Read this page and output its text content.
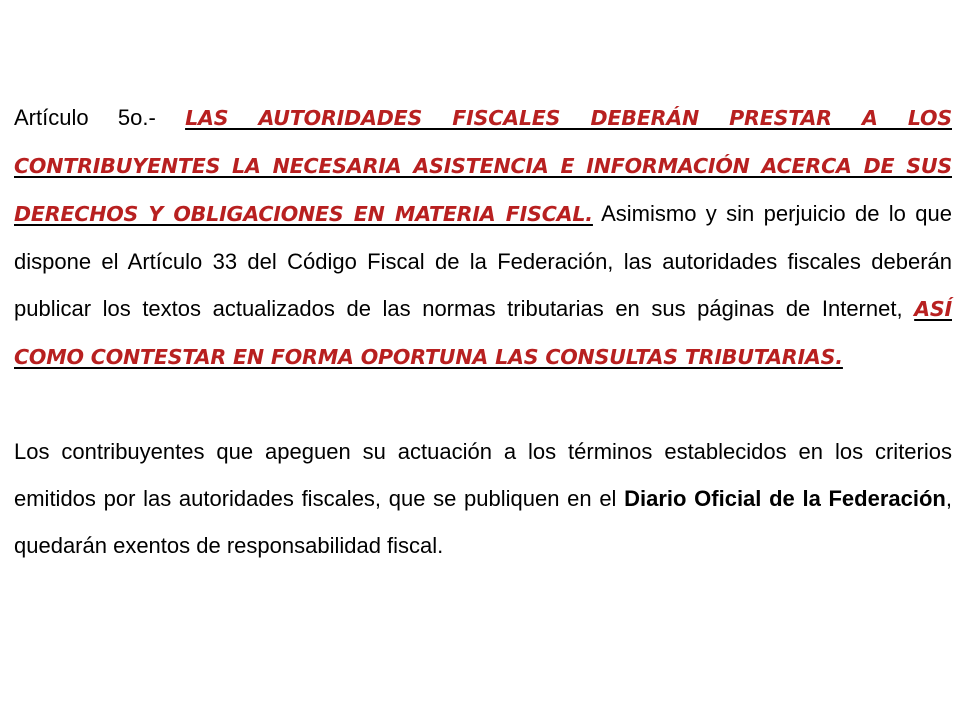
Artículo 5o.- LAS AUTORIDADES FISCALES DEBERÁN PRESTAR A LOS CONTRIBUYENTES LA NECESARIA ASISTENCIA E INFORMACIÓN ACERCA DE SUS DERECHOS Y OBLIGACIONES EN MATERIA FISCAL. Asimismo y sin perjuicio de lo que dispone el Artículo 33 del Código Fiscal de la Federación, las autoridades fiscales deberán publicar los textos actualizados de las normas tributarias en sus páginas de Internet, ASÍ COMO CONTESTAR EN FORMA OPORTUNA LAS CONSULTAS TRIBUTARIAS.

Los contribuyentes que apeguen su actuación a los términos establecidos en los criterios emitidos por las autoridades fiscales, que se publiquen en el Diario Oficial de la Federación, quedarán exentos de responsabilidad fiscal.
